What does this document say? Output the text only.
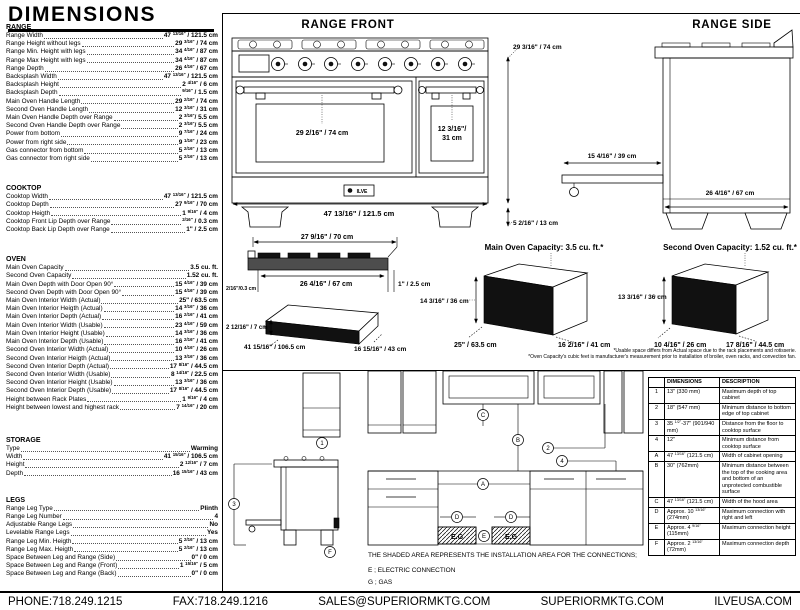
DIMENSIONS
RANGE
Range Width	47 $^{13/16"}$ / 121.5 cm
Range Height without legs	29 $^{3/16"}$ / 74 cm
Range Min. Height with legs	34 $^{4/16"}$ / 87 cm
Range Max Height with legs	34 $^{4/16"}$ / 87 cm
Range Depth	26 $^{4/16"}$ / 67 cm
Backsplash Width	47 $^{13/16"}$ / 121.5 cm
Backsplash Height	2 $^{4/16"}$ / 6 cm
Backsplash Depth	$^{9/16"}$ / 1.5 cm
Main Oven Handle Length	29 $^{2/16"}$ / 74 cm
Second Oven Handle Length	12 $^{3/16"}$ / 31 cm
Main Oven Handle Depth over Range	2 $^{3/16"}$/ 5.5 cm
Second Oven Handle Depth over Range	2 $^{3/16"}$/ 5.5 cm
Power from bottom	9 $^{7/16"}$ / 24 cm
Power from right side	9 $^{1/16"}$ / 23 cm
Gas connector from bottom	5 $^{2/16"}$ / 13 cm
Gas connector from right side	5 $^{2/16"}$ / 13 cm
COOKTOP
Cooktop Width	47 $^{13/16"}$ / 121.5 cm
Cooktop Depth	27 $^{9/16"}$ / 70 cm
Cooktop Heigth	1 $^{9/16"}$ / 4 cm
Cooktop Front Lip Depth over Range	$^{2/16"}$ / 0.3 cm
Cooktop Back Lip Depth over Range	1" / 2.5 cm
OVEN
Main Oven Capacity	3.5 cu. ft.
Second Oven Capacity	1.52 cu. ft.
Main Oven Depth with Door Open 90°	15 $^{4/16"}$ / 39 cm
Second Oven Depth with Door Open 90°	15 $^{4/16"}$ / 39 cm
Main Oven Interior Width (Actual)	25" / 63.5 cm
Main Oven Interior Heigth (Actual)	14 $^{3/16"}$ / 36 cm
Main Oven Interior Depth (Actual)	16 $^{2/16"}$ / 41 cm
Main Oven Interior Width (Usable)	23 $^{4/16"}$ / 59 cm
Main Oven Interior Height (Usable)	14 $^{3/16"}$ / 36 cm
Main Oven Interior Depth (Usable)	16 $^{2/16"}$ / 41 cm
Second Oven Interior Width (Actual)	10 $^{4/16"}$ / 26 cm
Second Oven Interior Heigth (Actual)	13 $^{3/16"}$ / 36 cm
Second Oven Interior Depth (Actual)	17 $^{8/16"}$ / 44.5 cm
Second Oven Interior Width (Usable)	8 $^{14/16"}$ / 22.5 cm
Second Oven Interior Height (Usable)	13 $^{3/16"}$ / 36 cm
Second Oven Interior Depth (Usable)	17 $^{8/16"}$ / 44.5 cm
Height between Rack Plates	1 $^{9/16"}$ / 4 cm
Height between lowest and highest rack	7 $^{14/16"}$ / 20 cm
STORAGE
Type	Warming
Width	41 $^{15/16"}$ / 106.5 cm
Height	2 $^{12/16"}$ / 7 cm
Depth	16 $^{15/16"}$ / 43 cm
LEGS
Range Leg Type	Plinth
Range Leg Number	4
Adjustable Range Legs	No
Levelable Range Legs	Yes
Range Leg Min. Heigth	5 $^{2/16"}$ / 13 cm
Range Leg Max. Heigth	5 $^{2/16"}$ / 13 cm
Space Between Leg and Range (Side)	0" / 0 cm
Space Between Leg and Range (Front)	1 $^{15/16"}$ / 5 cm
Space Between Leg and Range (Back)	0" / 0 cm
RANGE FRONT
29 2/16" / 74 cm
12 3/16"/
31 cm
ILVE
47 13/16" / 121.5 cm
29 3/16" / 74 cm
5 2/16" / 13 cm
RANGE SIDE
15 4/16" / 39 cm
26 4/16" / 67 cm
27 9/16" / 70 cm
26 4/16" / 67 cm
2/16"/0.3 cm
1" / 2.5 cm
2 12/16" / 7 cm
41 15/16" / 106.5 cm	16 15/16" / 43 cm
Main Oven Capacity: 3.5 cu. ft.*
14 3/16" / 36 cm
25" / 63.5 cm	16 2/16" / 41 cm
Second Oven Capacity: 1.52 cu. ft.*
13 3/16" / 36 cm
10 4/16" / 26 cm	17 8/16" / 44.5 cm
*Usable space differs from Actual space due to the rack placements and rotisserie.
*Oven Capacity's cubic feet is manufacturer's measurement prior to installation of broiler, oven racks, and convection fan.
1
3
F
C
B
2
4
A
E.G	E.G
D	D
E
THE SHADED AREA REPRESENTS THE INSTALLATION AREA FOR THE CONNECTIONS;
E ; ELECTRIC CONNECTION
G ; GAS
	DIMENSIONS	DESCRIPTION
1	13" (330 mm)	Maximum depth of top cabinet
2	18" (547 mm)	Minimum distance to bottom edge of top cabinet
3	35 $^{1/2"}$-37" (901/940 mm)	Distance from the floor to cooktop surface
4	12"	Minimum distance from cooktop surface
A	47 $^{13/16"}$ (121.5 cm)	Width of cabinet opening
B	30" (762mm)	Minimum distance between the top of the cooking area and bottom of an unprotected combustible surface
C	47 $^{13/16"}$ (121.5 cm)	Width of the hood area
D	Approx. 10 $^{13/16"}$ (274mm)	Maximum connection with right and left
E	Approx. 4 $^{9/16"}$ (115mm)	Maximum connection height
F	Approx. 2 $^{13/16"}$ (72mm)	Maximum connection depth
PHONE:718.249.1215	FAX:718.249.1216	SALES@SUPERIORMKTG.COM	SUPERIORMKTG.COM	ILVEUSA.COM
